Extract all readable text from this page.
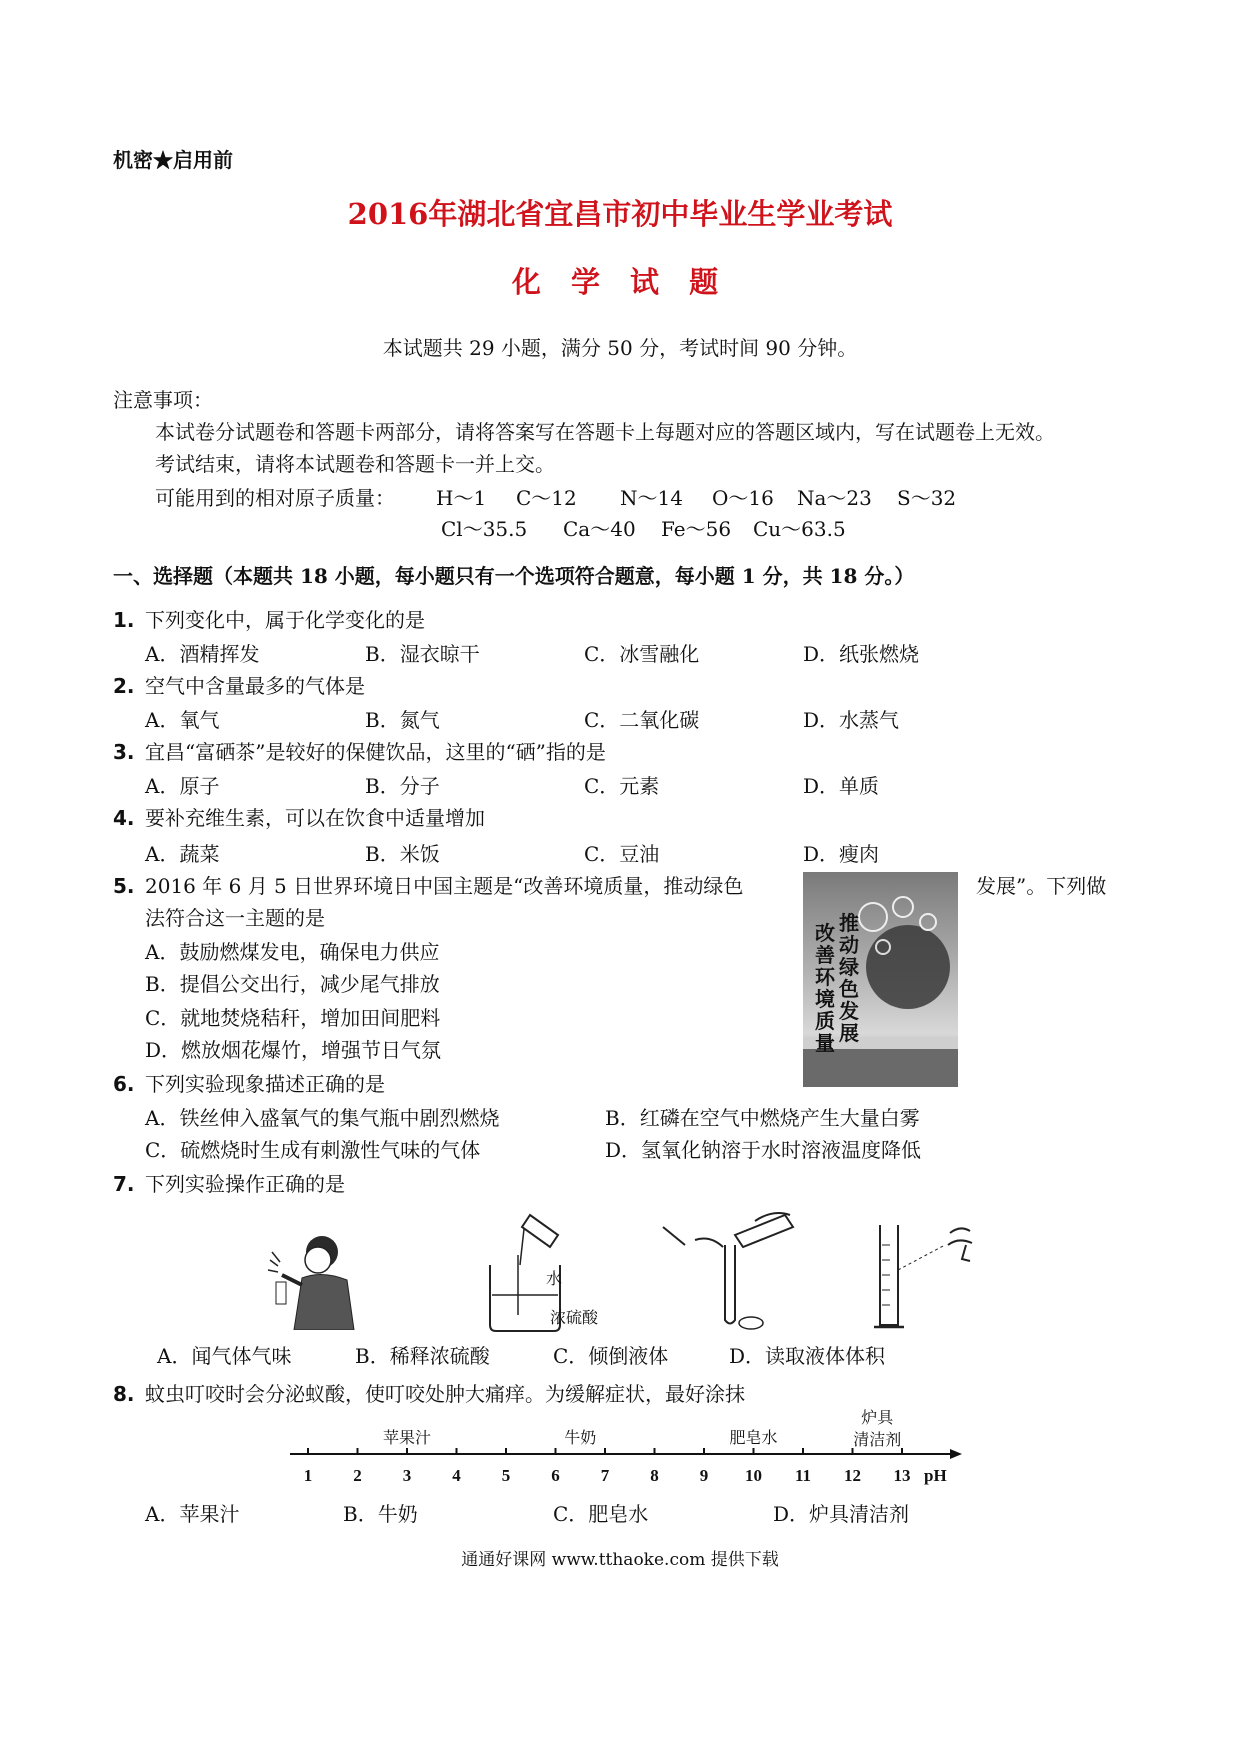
机密★启用前
2016年湖北省宜昌市初中毕业生学业考试
化 学 试 题
本试题共 29 小题，满分 50 分，考试时间 90 分钟。
注意事项：
本试卷分试题卷和答题卡两部分，请将答案写在答题卡上每题对应的答题区域内，写在试题卷上无效。
考试结束，请将本试题卷和答题卡一并上交。
可能用到的相对原子质量： H～1 C～12 N～14 O～16 Na～23 S～32
Cl～35.5 Ca～40 Fe～56 Cu～63.5
一、选择题（本题共 18 小题，每小题只有一个选项符合题意，每小题 1 分，共 18 分。）
1. 下列变化中，属于化学变化的是
A．酒精挥发	B．湿衣晾干	C．冰雪融化	D．纸张燃烧
2. 空气中含量最多的气体是
A．氧气	B．氮气	C．二氧化碳	D．水蒸气
3. 宜昌“富硒茶”是较好的保健饮品，这里的“硒”指的是
A．原子	B．分子	C．元素	D．单质
4. 要补充维生素，可以在饮食中适量增加
A．蔬菜	B．米饭	C．豆油	D．瘦肉
5. 2016 年 6 月 5 日世界环境日中国主题是“改善环境质量，推动绿色	发展”。下列做
法符合这一主题的是
A．鼓励燃煤发电，确保电力供应
B．提倡公交出行，减少尾气排放
C．就地焚烧秸秆，增加田间肥料
D．燃放烟花爆竹，增强节日气氛
改善环境质量
推动绿色发展
6. 下列实验现象描述正确的是
A．铁丝伸入盛氧气的集气瓶中剧烈燃烧	B．红磷在空气中燃烧产生大量白雾
C．硫燃烧时生成有刺激性气味的气体	D．氢氧化钠溶于水时溶液温度降低
7. 下列实验操作正确的是
水
浓硫酸
A．闻气体气味	B．稀释浓硫酸	C．倾倒液体	D．读取液体体积
8. 蚊虫叮咬时会分泌蚁酸，使叮咬处肿大痛痒。为缓解症状，最好涂抹
1	2	3	4	5	6	7	8	9	10 11 12 13
苹果汁	牛奶	肥皂水
炉具
清洁剂
pH
A．苹果汁	B．牛奶	C．肥皂水	D．炉具清洁剂
通通好课网 www.tthaoke.com 提供下载
